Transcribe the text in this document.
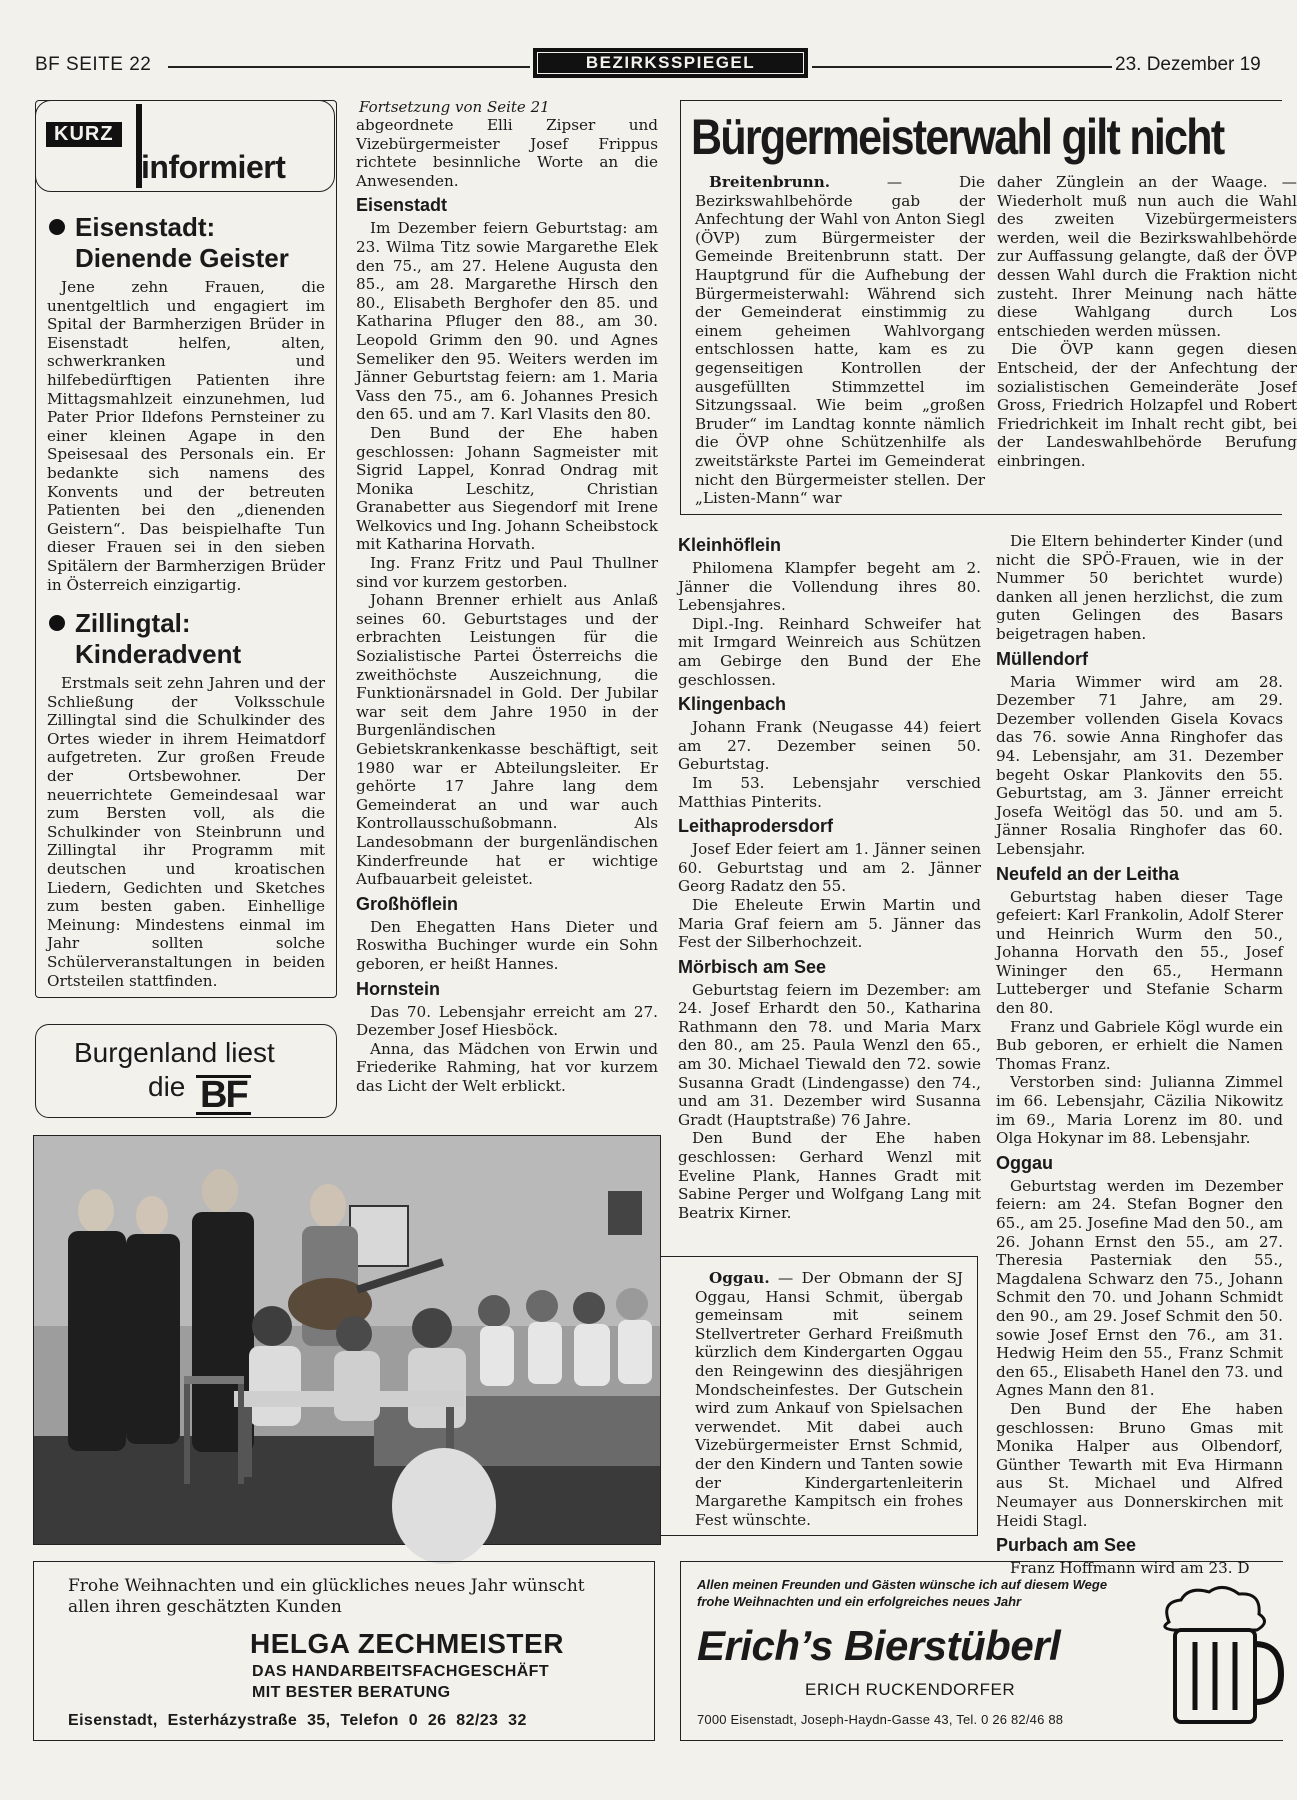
BF SEITE 22	BEZIRKSSPIEGEL	23. Dezember 19
KURZ
informiert
Eisenstadt: Dienende Geister

Jene zehn Frauen, die unentgeltlich und engagiert im Spital der Barmherzigen Brüder in Eisenstadt helfen, alten, schwerkranken und hilfebedürftigen Patienten ihre Mittagsmahlzeit einzunehmen, lud Pater Prior Ildefons Pernsteiner zu einer kleinen Agape in den Speisesaal des Personals ein. Er bedankte sich namens des Konvents und der betreuten Patienten bei den „dienenden Geistern“. Das beispielhafte Tun dieser Frauen sei in den sieben Spitälern der Barmherzigen Brüder in Österreich einzigartig.

Zillingtal: Kinderadvent

Erstmals seit zehn Jahren und der Schließung der Volksschule Zillingtal sind die Schulkinder des Ortes wieder in ihrem Heimatdorf aufgetreten. Zur großen Freude der Ortsbewohner. Der neuerrichtete Gemeindesaal war zum Bersten voll, als die Schulkinder von Steinbrunn und Zillingtal ihr Programm mit deutschen und kroatischen Liedern, Gedichten und Sketches zum besten gaben. Einhellige Meinung: Mindestens einmal im Jahr sollten solche Schülerveranstaltungen in beiden Ortsteilen stattfinden.

Burgenland liest
die BF
Fortsetzung von Seite 21

abgeordnete Elli Zipser und Vizebürgermeister Josef Frippus richtete besinnliche Worte an die Anwesenden.

Eisenstadt

Im Dezember feiern Geburtstag: am 23. Wilma Titz sowie Margarethe Elek den 75., am 27. Helene Augusta den 85., am 28. Margarethe Hirsch den 80., Elisabeth Berghofer den 85. und Katharina Pfluger den 88., am 30. Leopold Grimm den 90. und Agnes Semeliker den 95. Weiters werden im Jänner Geburtstag feiern: am 1. Maria Vass den 75., am 6. Johannes Presich den 65. und am 7. Karl Vlasits den 80.

Den Bund der Ehe haben geschlossen: Johann Sagmeister mit Sigrid Lappel, Konrad Ondrag mit Monika Leschitz, Christian Granabetter aus Siegendorf mit Irene Welkovics und Ing. Johann Scheibstock mit Katharina Horvath.

Ing. Franz Fritz und Paul Thullner sind vor kurzem gestorben.

Johann Brenner erhielt aus Anlaß seines 60. Geburtstages und der erbrachten Leistungen für die Sozialistische Partei Österreichs die zweithöchste Auszeichnung, die Funktionärsnadel in Gold. Der Jubilar war seit dem Jahre 1950 in der Burgenländischen Gebietskrankenkasse beschäftigt, seit 1980 war er Abteilungsleiter. Er gehörte 17 Jahre lang dem Gemeinderat an und war auch Kontrollausschußobmann. Als Landesobmann der burgenländischen Kinderfreunde hat er wichtige Aufbauarbeit geleistet.

Großhöflein

Den Ehegatten Hans Dieter und Roswitha Buchinger wurde ein Sohn geboren, er heißt Hannes.

Hornstein

Das 70. Lebensjahr erreicht am 27. Dezember Josef Hiesböck.

Anna, das Mädchen von Erwin und Friederike Rahming, hat vor kurzem das Licht der Welt erblickt.

Bürgermeisterwahl gilt nicht

Breitenbrunn. — Die Bezirkswahlbehörde gab der Anfechtung der Wahl von Anton Siegl (ÖVP) zum Bürgermeister der Gemeinde Breitenbrunn statt. Der Hauptgrund für die Aufhebung der Bürgermeisterwahl: Während sich der Gemeinderat einstimmig zu einem geheimen Wahlvorgang entschlossen hatte, kam es zu gegenseitigen Kontrollen der ausgefüllten Stimmzettel im Sitzungssaal. Wie beim „großen Bruder“ im Landtag konnte nämlich die ÖVP ohne Schützenhilfe als zweitstärkste Partei im Gemeinderat nicht den Bürgermeister stellen. Der „Listen-Mann“ war

daher Zünglein an der Waage. — Wiederholt muß nun auch die Wahl des zweiten Vizebürgermeisters werden, weil die Bezirkswahlbehörde zur Auffassung gelangte, daß der ÖVP dessen Wahl durch die Fraktion nicht zusteht. Ihrer Meinung nach hätte diese Wahlgang durch Los entschieden werden müssen.

Die ÖVP kann gegen diesen Entscheid, der der Anfechtung der sozialistischen Gemeinderäte Josef Gross, Friedrich Holzapfel und Robert Friedrichkeit im Inhalt recht gibt, bei der Landeswahlbehörde Berufung einbringen.

Kleinhöflein

Philomena Klampfer begeht am 2. Jänner die Vollendung ihres 80. Lebensjahres.

Dipl.-Ing. Reinhard Schweifer hat mit Irmgard Weinreich aus Schützen am Gebirge den Bund der Ehe geschlossen.

Klingenbach

Johann Frank (Neugasse 44) feiert am 27. Dezember seinen 50. Geburtstag.

Im 53. Lebensjahr verschied Matthias Pinterits.

Leithaprodersdorf

Josef Eder feiert am 1. Jänner seinen 60. Geburtstag und am 2. Jänner Georg Radatz den 55.

Die Eheleute Erwin Martin und Maria Graf feiern am 5. Jänner das Fest der Silberhochzeit.

Mörbisch am See

Geburtstag feiern im Dezember: am 24. Josef Erhardt den 50., Katharina Rathmann den 78. und Maria Marx den 80., am 25. Paula Wenzl den 65., am 30. Michael Tiewald den 72. sowie Susanna Gradt (Lindengasse) den 74., und am 31. Dezember wird Susanna Gradt (Hauptstraße) 76 Jahre.

Den Bund der Ehe haben geschlossen: Gerhard Wenzl mit Eveline Plank, Hannes Gradt mit Sabine Perger und Wolfgang Lang mit Beatrix Kirner.

Oggau. — Der Obmann der SJ Oggau, Hansi Schmit, übergab gemeinsam mit seinem Stellvertreter Gerhard Freißmuth kürzlich dem Kindergarten Oggau den Reingewinn des diesjährigen Mondscheinfestes. Der Gutschein wird zum Ankauf von Spielsachen verwendet. Mit dabei auch Vizebürgermeister Ernst Schmid, der den Kindern und Tanten sowie der Kindergartenleiterin Margarethe Kampitsch ein frohes Fest wünschte.

Die Eltern behinderter Kinder (und nicht die SPÖ-Frauen, wie in der Nummer 50 berichtet wurde) danken all jenen herzlichst, die zum guten Gelingen des Basars beigetragen haben.

Müllendorf

Maria Wimmer wird am 28. Dezember 71 Jahre, am 29. Dezember vollenden Gisela Kovacs das 76. sowie Anna Ringhofer das 94. Lebensjahr, am 31. Dezember begeht Oskar Plankovits den 55. Geburtstag, am 3. Jänner erreicht Josefa Weitögl das 50. und am 5. Jänner Rosalia Ringhofer das 60. Lebensjahr.

Neufeld an der Leitha

Geburtstag haben dieser Tage gefeiert: Karl Frankolin, Adolf Sterer und Heinrich Wurm den 50., Johanna Horvath den 55., Josef Wininger den 65., Hermann Lutteberger und Stefanie Scharm den 80.

Franz und Gabriele Kögl wurde ein Bub geboren, er erhielt die Namen Thomas Franz.

Verstorben sind: Julianna Zimmel im 66. Lebensjahr, Cäzilia Nikowitz im 69., Maria Lorenz im 80. und Olga Hokynar im 88. Lebensjahr.

Oggau

Geburtstag werden im Dezember feiern: am 24. Stefan Bogner den 65., am 25. Josefine Mad den 50., am 26. Johann Ernst den 55., am 27. Theresia Pasterniak den 55., Magdalena Schwarz den 75., Johann Schmit den 70. und Johann Schmidt den 90., am 29. Josef Schmit den 50. sowie Josef Ernst den 76., am 31. Hedwig Heim den 55., Franz Schmit den 65., Elisabeth Hanel den 73. und Agnes Mann den 81.

Den Bund der Ehe haben geschlossen: Bruno Gmas mit Monika Halper aus Olbendorf, Günther Tewarth mit Eva Hirmann aus St. Michael und Alfred Neumayer aus Donnerskirchen mit Heidi Stagl.

Purbach am See

Franz Hoffmann wird am 23. D

Frohe Weihnachten und ein glückliches neues Jahr wünscht allen ihren geschätzten Kunden
HELGA ZECHMEISTER
DAS HANDARBEITSFACHGESCHÄFT
MIT BESTER BERATUNG
Eisenstadt, Esterházystraße 35, Telefon 0 26 82/23 32
Allen meinen Freunden und Gästen wünsche ich auf diesem Wege frohe Weihnachten und ein erfolgreiches neues Jahr
Erich’s Bierstüberl
ERICH RUCKENDORFER
7000 Eisenstadt, Joseph-Haydn-Gasse 43, Tel. 0 26 82/46 88
